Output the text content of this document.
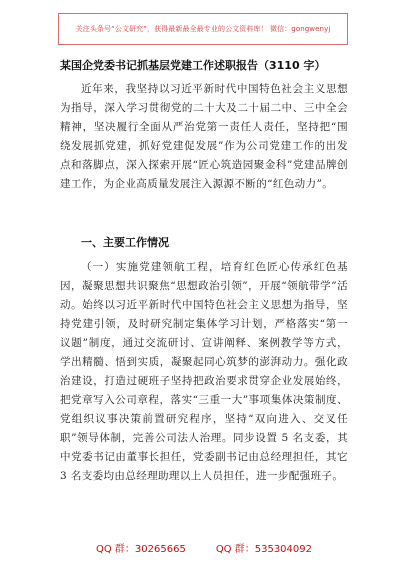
关注头条号“公文研究”，获得最新最全最专业的公文资料库！ 微信：gongwenyj
某国企党委书记抓基层党建工作述职报告（3110 字）

近年来，我坚持以习近平新时代中国特色社会主义思想为指导，深入学习贯彻党的二十大及二十届二中、三中全会精神，坚决履行全面从严治党第一责任人责任，坚持把“围绕发展抓党建，抓好党建促发展”作为公司党建工作的出发点和落脚点，深入探索开展“匠心筑造园聚金科”党建品牌创建工作，为企业高质量发展注入源源不断的“红色动力”。

一、主要工作情况

（一）实施党建领航工程，培育红色匠心传承红色基因，凝聚思想共识聚焦“思想政治引领”，开展“领航带学”活动。始终以习近平新时代中国特色社会主义思想为指导，坚持党建引领，及时研究制定集体学习计划，严格落实“第一议题”制度，通过交流研讨、宣讲阐释、案例教学等方式，学出精髓、悟到实质，凝聚起同心筑梦的澎湃动力。强化政治建设，打造过硬班子坚持把政治要求贯穿企业发展始终，把党章写入公司章程，落实“三重一大”事项集体决策制度、党组织议事决策前置研究程序，坚持“双向进入、交叉任职”领导体制，完善公司法人治理。同步设置 5 名支委，其中党委书记由董事长担任，党委副书记由总经理担任，其它 3 名支委均由总经理助理以上人员担任，进一步配强班子。

QQ 群：30265665	QQ 群：535304092
